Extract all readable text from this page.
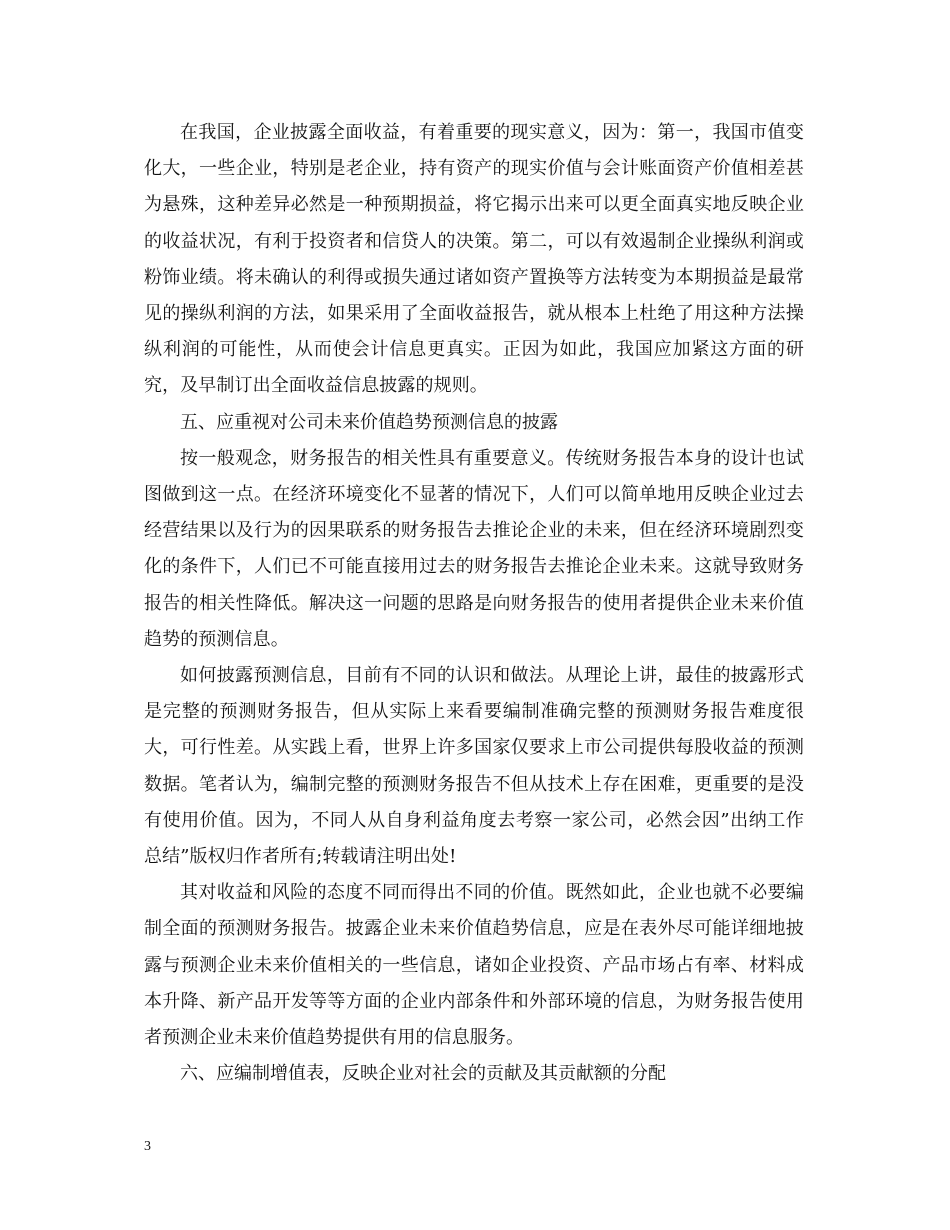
在我国，企业披露全面收益，有着重要的现实意义，因为：第一，我国市值变化大，一些企业，特别是老企业，持有资产的现实价值与会计账面资产价值相差甚为悬殊，这种差异必然是一种预期损益，将它揭示出来可以更全面真实地反映企业的收益状况，有利于投资者和信贷人的决策。第二，可以有效遏制企业操纵利润或粉饰业绩。将未确认的利得或损失通过诸如资产置换等方法转变为本期损益是最常见的操纵利润的方法，如果采用了全面收益报告，就从根本上杜绝了用这种方法操纵利润的可能性，从而使会计信息更真实。正因为如此，我国应加紧这方面的研究，及早制订出全面收益信息披露的规则。

五、应重视对公司未来价值趋势预测信息的披露

按一般观念，财务报告的相关性具有重要意义。传统财务报告本身的设计也试图做到这一点。在经济环境变化不显著的情况下，人们可以简单地用反映企业过去经营结果以及行为的因果联系的财务报告去推论企业的未来，但在经济环境剧烈变化的条件下，人们已不可能直接用过去的财务报告去推论企业未来。这就导致财务报告的相关性降低。解决这一问题的思路是向财务报告的使用者提供企业未来价值趋势的预测信息。

如何披露预测信息，目前有不同的认识和做法。从理论上讲，最佳的披露形式是完整的预测财务报告，但从实际上来看要编制准确完整的预测财务报告难度很大，可行性差。从实践上看，世界上许多国家仅要求上市公司提供每股收益的预测数据。笔者认为，编制完整的预测财务报告不但从技术上存在困难，更重要的是没有使用价值。因为，不同人从自身利益角度去考察一家公司，必然会因”出纳工作总结”版权归作者所有;转载请注明出处!

其对收益和风险的态度不同而得出不同的价值。既然如此，企业也就不必要编制全面的预测财务报告。披露企业未来价值趋势信息，应是在表外尽可能详细地披露与预测企业未来价值相关的一些信息，诸如企业投资、产品市场占有率、材料成本升降、新产品开发等等方面的企业内部条件和外部环境的信息，为财务报告使用者预测企业未来价值趋势提供有用的信息服务。

六、应编制增值表，反映企业对社会的贡献及其贡献额的分配

3
